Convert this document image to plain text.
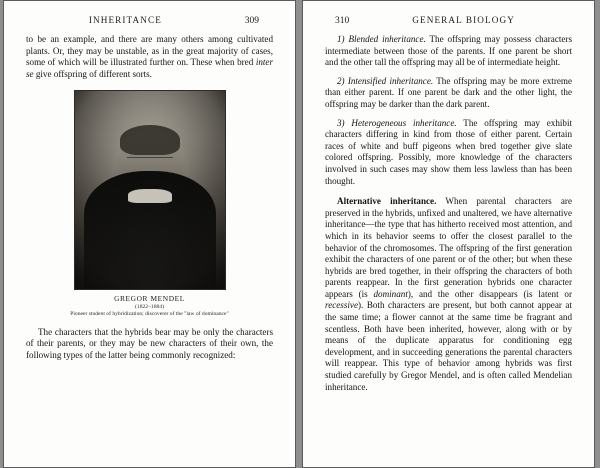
INHERITANCE	309

to be an example, and there are many others among cultivated plants. Or, they may be unstable, as in the great majority of cases, some of which will be illustrated further on. These when bred inter se give offspring of different sorts.

GREGOR MENDEL
(1822–1884)
Pioneer student of hybridization; discoverer of the "law of dominance"

The characters that the hybrids bear may be only the characters of their parents, or they may be new characters of their own, the following types of the latter being commonly recognized:

310	GENERAL BIOLOGY

1) Blended inheritance. The offspring may possess characters intermediate between those of the parents. If one parent be short and the other tall the offspring may all be of intermediate height.

2) Intensified inheritance. The offspring may be more extreme than either parent. If one parent be dark and the other light, the offspring may be darker than the dark parent.

3) Heterogeneous inheritance. The offspring may exhibit characters differing in kind from those of either parent. Certain races of white and buff pigeons when bred together give slate colored offspring. Possibly, more knowledge of the characters involved in such cases may show them less lawless than has been thought.

Alternative inheritance. When parental characters are preserved in the hybrids, unfixed and unaltered, we have alternative inheritance—the type that has hitherto received most attention, and which in its behavior seems to offer the closest parallel to the behavior of the chromosomes. The offspring of the first generation exhibit the characters of one parent or of the other; but when these hybrids are bred together, in their offspring the characters of both parents reappear. In the first generation hybrids one character appears (is dominant), and the other disappears (is latent or recessive). Both characters are present, but both cannot appear at the same time; a flower cannot at the same time be fragrant and scentless. Both have been inherited, however, along with or by means of the duplicate apparatus for conditioning egg development, and in succeeding generations the parental characters will reappear. This type of behavior among hybrids was first studied carefully by Gregor Mendel, and is often called Mendelian inheritance.
